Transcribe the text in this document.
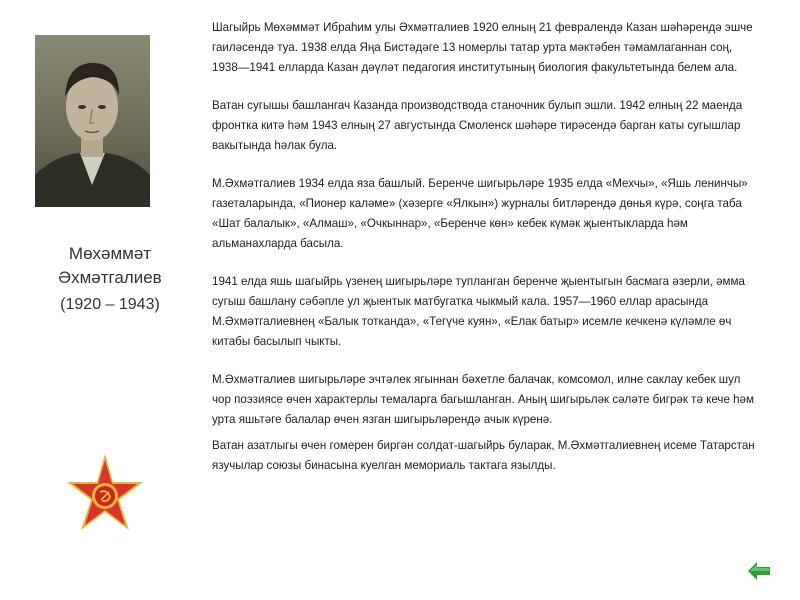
Мөхәммәт
Әхмәтгалиев
(1920 – 1943)

Шагыйрь Мөхәммәт Ибраһим улы Әхмәтгалиев 1920 елның 21 февралендә Казан шәһәрендә эшче гаиләсендә туа. 1938 елда Яңа Бистәдәге 13 номерлы татар урта мәктәбен тәмамлаганнан соң, 1938—1941 елларда Казан дәүләт педагогия институтының биология факультетында белем ала.

Ватан сугышы башлангач Казанда производствода станочник булып эшли. 1942 елның 22 маенда фронтка китә һәм 1943 елның 27 августында Смоленск шәһәре тирәсендә барган каты сугышлар вакытында һәлак була.

М.Әхмәтгалиев 1934 елда яза башлый. Беренче шигырьләре 1935 елда «Мехчы», «Яшь ленинчы» газеталарында, «Пионер каләме» (хәзерге «Ялкын») журналы битләрендә дөнья күрә, соңга таба «Шат балалык», «Алмаш», «Очкыннар», «Беренче көн» кебек күмәк җыентыкларда һәм альманахларда басыла.

1941 елда яшь шагыйрь үзенең шигырьләре тупланган беренче җыентыгын басмага әзерли, әмма сугыш башлану сәбәпле ул җыентык матбугатка чыкмый кала. 1957—1960 еллар арасында М.Әхмәтгалиевнең «Балык тотканда», «Тегүче куян», «Елак батыр» исемле кечкенә күләмле өч китабы басылып чыкты.

М.Әхмәтгалиев шигырьләре эчтәлек ягыннан бәхетле балачак, комсомол, илне саклау кебек шул чор поэзиясе өчен характерлы темаларга багышланган. Аның шигырьләк сәләте бигрәк тә кече һәм урта яшьтәге балалар өчен язган шигырьләрендә ачык күренә.

Ватан азатлыгы өчен гомерен биргән солдат-шагыйрь буларак, М.Әхмәтгалиевнең исеме Татарстан язучылар союзы бинасына куелган мемориаль тактага язылды.
